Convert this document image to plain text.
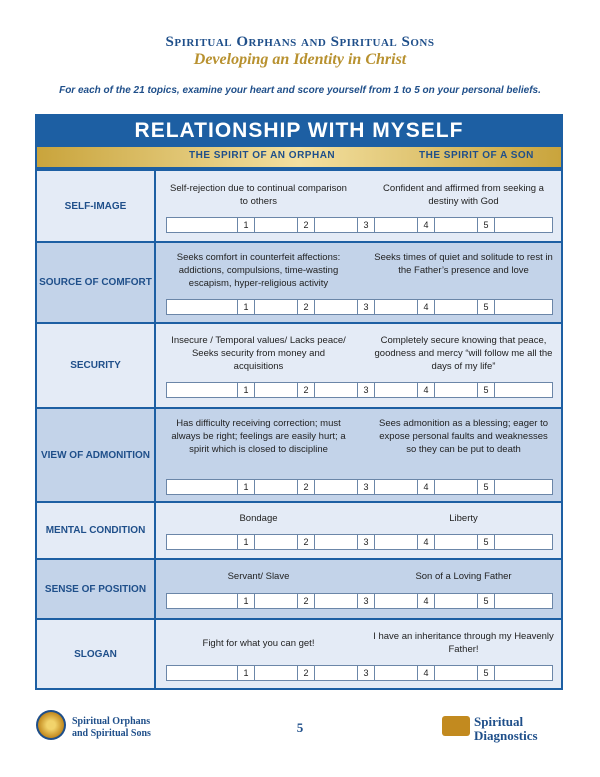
Spiritual Orphans and Spiritual Sons
Developing an Identity in Christ
For each of the 21 topics, examine your heart and score yourself from 1 to 5 on your personal beliefs.
RELATIONSHIP WITH MYSELF
THE SPIRIT OF AN ORPHAN	THE SPIRIT OF A SON
SELF-IMAGE
Self-rejection due to continual comparison to others
Confident and affirmed from seeking a destiny with God
1	2	3	4	5
SOURCE OF COMFORT
Seeks comfort in counterfeit affections: addictions, compulsions, time-wasting escapism, hyper-religious activity
Seeks times of quiet and solitude to rest in the Father’s presence and love
1	2	3	4	5
SECURITY
Insecure / Temporal values/ Lacks peace/ Seeks security from money and acquisitions
Completely secure knowing that peace, goodness and mercy “will follow me all the days of my life”
1	2	3	4	5
VIEW OF ADMONITION
Has difficulty receiving correction; must always be right; feelings are easily hurt; a spirit which is closed to discipline
Sees admonition as a blessing; eager to expose personal faults and weaknesses so they can be put to death
1	2	3	4	5
MENTAL CONDITION
Bondage	Liberty
1	2	3	4	5
SENSE OF POSITION
Servant/ Slave	Son of a Loving Father
1	2	3	4	5
SLOGAN
Fight for what you can get!
I have an inheritance through my Heavenly Father!
1	2	3	4	5
Spiritual Orphans
and Spiritual Sons	5	Spiritual
Diagnostics
